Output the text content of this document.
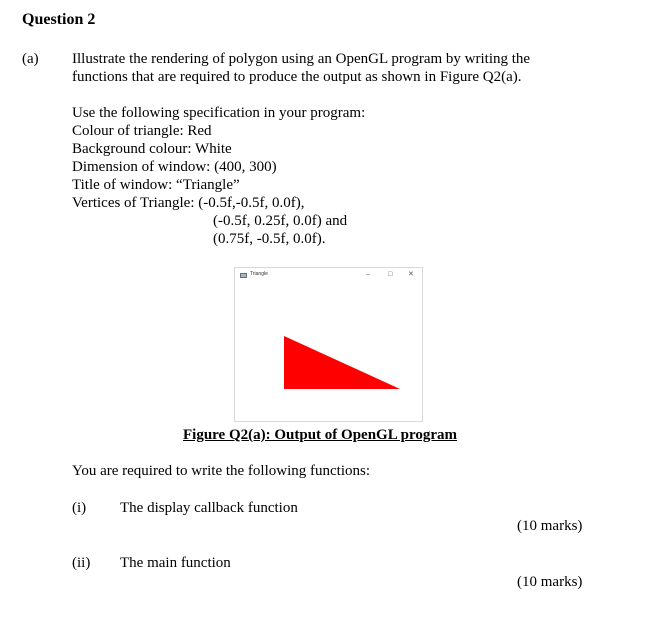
Question 2
(a) Illustrate the rendering of polygon using an OpenGL program by writing the
functions that are required to produce the output as shown in Figure Q2(a).
Use the following specification in your program:
Colour of triangle: Red
Background colour: White
Dimension of window: (400, 300)
Title of window: “Triangle”
Vertices of Triangle: (-0.5f,-0.5f, 0.0f),
(-0.5f, 0.25f, 0.0f) and
(0.75f, -0.5f, 0.0f).
Triangle	–	□ ✕
Figure Q2(a): Output of OpenGL program
You are required to write the following functions:
(i) The display callback function
(10 marks)
(ii) The main function
(10 marks)
